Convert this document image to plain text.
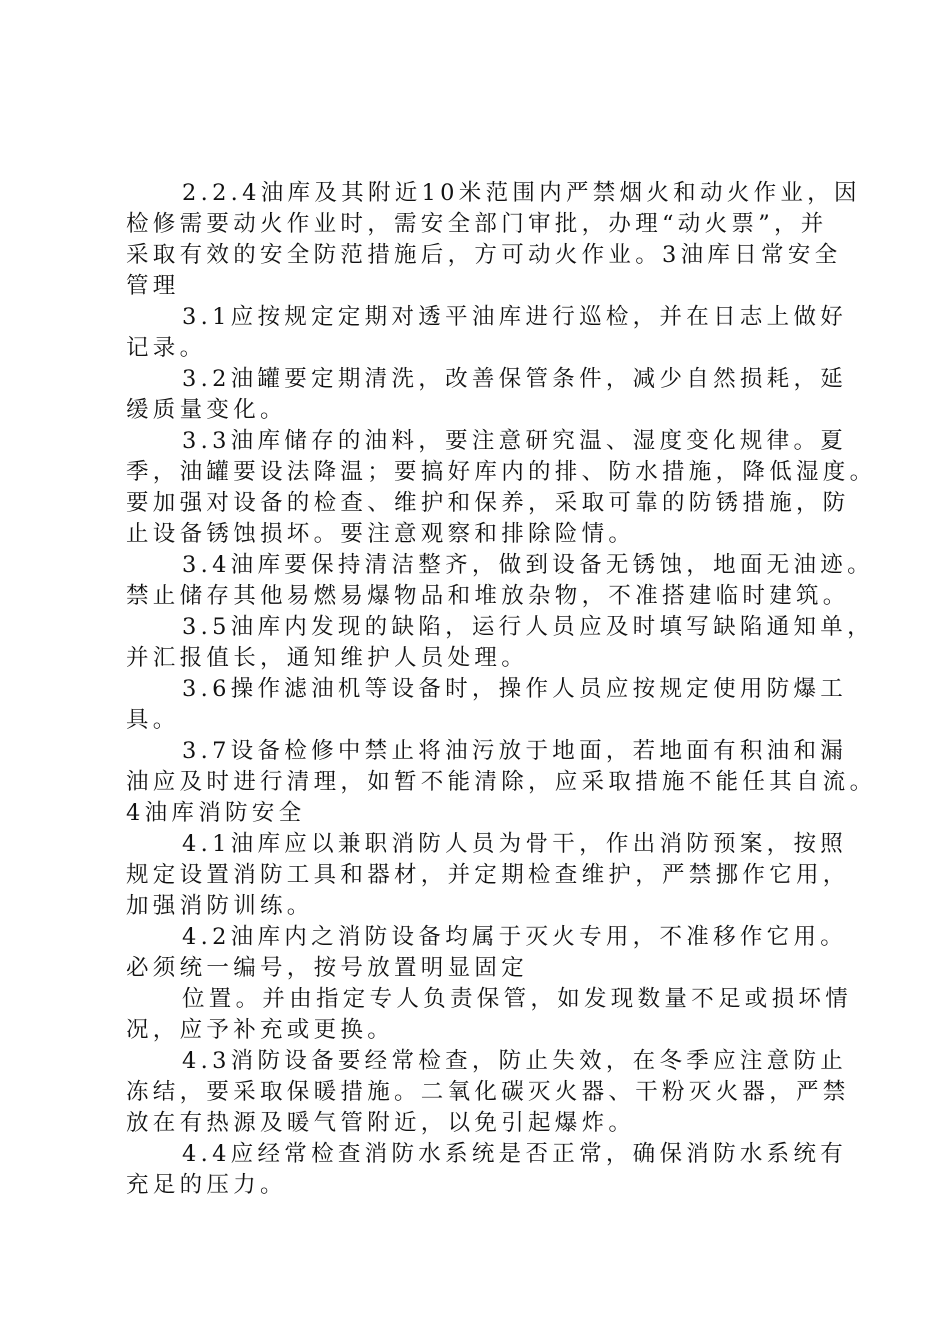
2.2.4油库及其附近10米范围内严禁烟火和动火作业，因
检修需要动火作业时，需安全部门审批，办理“动火票”，并
采取有效的安全防范措施后，方可动火作业。3油库日常安全
管理
3.1应按规定定期对透平油库进行巡检，并在日志上做好
记录。
3.2油罐要定期清洗，改善保管条件，减少自然损耗，延
缓质量变化。
3.3油库储存的油料，要注意研究温、湿度变化规律。夏
季，油罐要设法降温；要搞好库内的排、防水措施，降低湿度。
要加强对设备的检查、维护和保养，采取可靠的防锈措施，防
止设备锈蚀损坏。要注意观察和排除险情。
3.4油库要保持清洁整齐，做到设备无锈蚀，地面无油迹。
禁止储存其他易燃易爆物品和堆放杂物，不准搭建临时建筑。
3.5油库内发现的缺陷，运行人员应及时填写缺陷通知单，
并汇报值长，通知维护人员处理。
3.6操作滤油机等设备时，操作人员应按规定使用防爆工
具。
3.7设备检修中禁止将油污放于地面，若地面有积油和漏
油应及时进行清理，如暂不能清除，应采取措施不能任其自流。
4油库消防安全
4.1油库应以兼职消防人员为骨干，作出消防预案，按照
规定设置消防工具和器材，并定期检查维护，严禁挪作它用，
加强消防训练。
4.2油库内之消防设备均属于灭火专用，不准移作它用。
必须统一编号，按号放置明显固定
位置。并由指定专人负责保管，如发现数量不足或损坏情
况，应予补充或更换。
4.3消防设备要经常检查，防止失效，在冬季应注意防止
冻结，要采取保暖措施。二氧化碳灭火器、干粉灭火器，严禁
放在有热源及暖气管附近，以免引起爆炸。
4.4应经常检查消防水系统是否正常，确保消防水系统有
充足的压力。
